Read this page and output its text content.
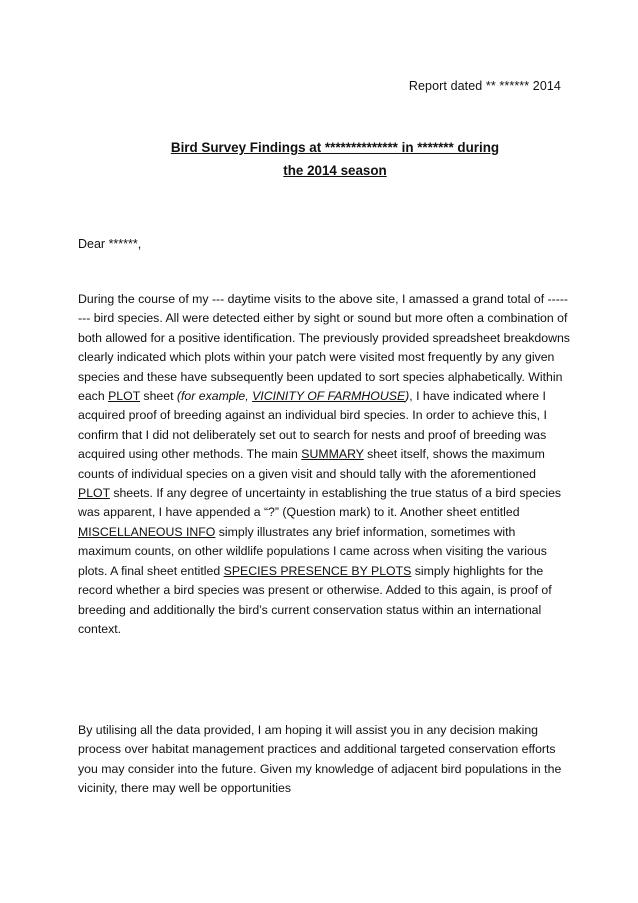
Report dated ** ****** 2014
Bird Survey Findings at ************** in ******* during
the 2014 season
Dear ******,
During the course of my --- daytime visits to the above site, I amassed a grand total of -------- bird species. All were detected either by sight or sound but more often a combination of both allowed for a positive identification. The previously provided spreadsheet breakdowns clearly indicated which plots within your patch were visited most frequently by any given species and these have subsequently been updated to sort species alphabetically. Within each PLOT sheet (for example, VICINITY OF FARMHOUSE), I have indicated where I acquired proof of breeding against an individual bird species. In order to achieve this, I confirm that I did not deliberately set out to search for nests and proof of breeding was acquired using other methods. The main SUMMARY sheet itself, shows the maximum counts of individual species on a given visit and should tally with the aforementioned PLOT sheets. If any degree of uncertainty in establishing the true status of a bird species was apparent, I have appended a “?” (Question mark) to it. Another sheet entitled MISCELLANEOUS INFO simply illustrates any brief information, sometimes with maximum counts, on other wildlife populations I came across when visiting the various plots. A final sheet entitled SPECIES PRESENCE BY PLOTS simply highlights for the record whether a bird species was present or otherwise. Added to this again, is proof of breeding and additionally the bird’s current conservation status within an international context.
By utilising all the data provided, I am hoping it will assist you in any decision making process over habitat management practices and additional targeted conservation efforts you may consider into the future. Given my knowledge of adjacent bird populations in the vicinity, there may well be opportunities
